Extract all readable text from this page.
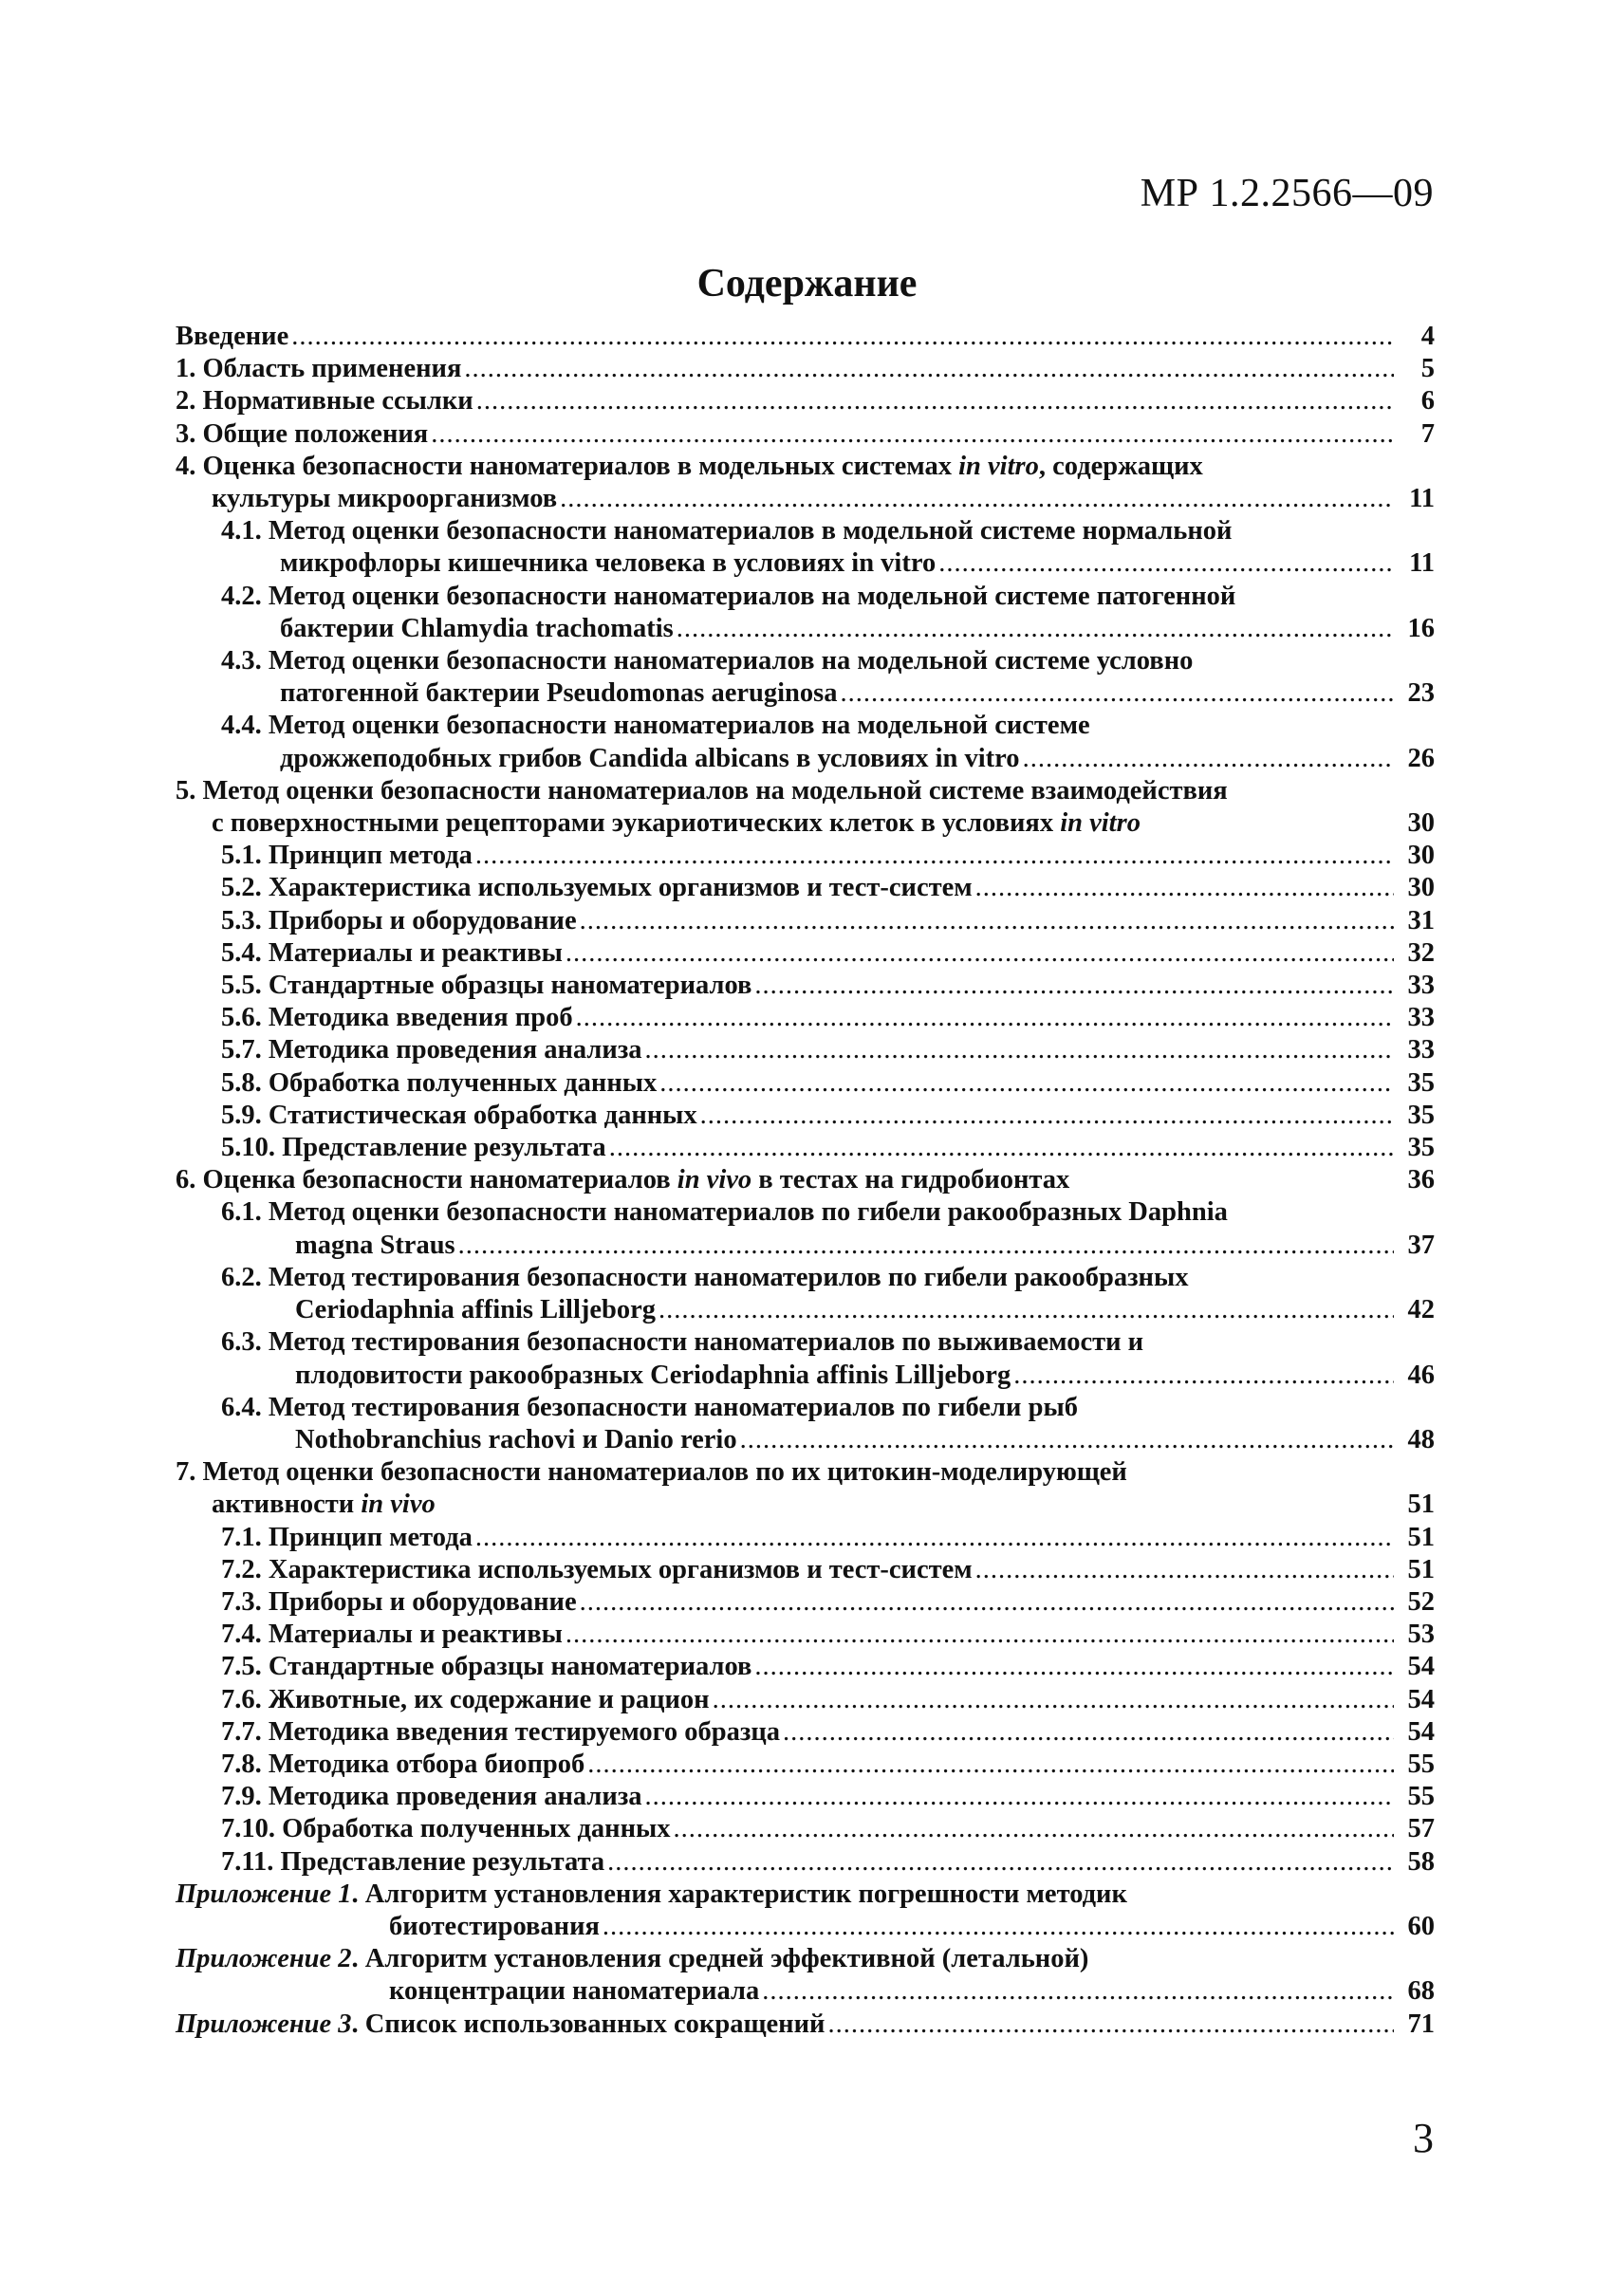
МР 1.2.2566—09
Содержание
Введение .....	4
1. Область применения .....	5
2. Нормативные ссылки .....	6
3. Общие положения .....	7
4. Оценка безопасности наноматериалов в модельных системах in vitro, содержащих
культуры микроорганизмов .....	11
4.1. Метод оценки безопасности наноматериалов в модельной системе нормальной
микрофлоры кишечника человека в условиях in vitro .....	11
4.2. Метод оценки безопасности наноматериалов на модельной системе патогенной
бактерии Chlamydia trachomatis .....	16
4.3. Метод оценки безопасности наноматериалов на модельной системе условно
патогенной бактерии Pseudomonas aeruginosa .....	23
4.4. Метод оценки безопасности наноматериалов на модельной системе
дрожжеподобных грибов Candida albicans в условиях in vitro .....	26
5. Метод оценки безопасности наноматериалов на модельной системе взаимодействия
с поверхностными рецепторами эукариотических клеток в условиях in vitro	30
5.1. Принцип метода .....	30
5.2. Характеристика используемых организмов и тест-систем .....	30
5.3. Приборы и оборудование .....	31
5.4. Материалы и реактивы .....	32
5.5. Стандартные образцы наноматериалов .....	33
5.6. Методика введения проб .....	33
5.7. Методика проведения анализа .....	33
5.8. Обработка полученных данных .....	35
5.9. Статистическая обработка данных .....	35
5.10. Представление результата .....	35
6. Оценка безопасности наноматериалов in vivo в тестах на гидробионтах	36
6.1. Метод оценки безопасности наноматериалов по гибели ракообразных Daphnia
magna Straus .....	37
6.2. Метод тестирования безопасности наноматерилов по гибели ракообразных
Ceriodaphnia affinis Lilljeborg .....	42
6.3. Метод тестирования безопасности наноматериалов по выживаемости и
плодовитости ракообразных Ceriodaphnia affinis Lilljeborg .....	46
6.4. Метод тестирования безопасности наноматериалов по гибели рыб
Nothobranchius rachovi и Danio rerio .....	48
7. Метод оценки безопасности наноматериалов по их цитокин-моделирующей
активности in vivo	51
7.1. Принцип метода .....	51
7.2. Характеристика используемых организмов и тест-систем .....	51
7.3. Приборы и оборудование .....	52
7.4. Материалы и реактивы .....	53
7.5. Стандартные образцы наноматериалов .....	54
7.6. Животные, их содержание и рацион .....	54
7.7. Методика введения тестируемого образца .....	54
7.8. Методика отбора биопроб .....	55
7.9. Методика проведения анализа .....	55
7.10. Обработка полученных данных .....	57
7.11. Представление результата .....	58
Приложение 1. Алгоритм установления характеристик погрешности методик
биотестирования .....	60
Приложение 2. Алгоритм установления средней эффективной (летальной)
концентрации наноматериала .....	68
Приложение 3. Список использованных сокращений .....	71
3
